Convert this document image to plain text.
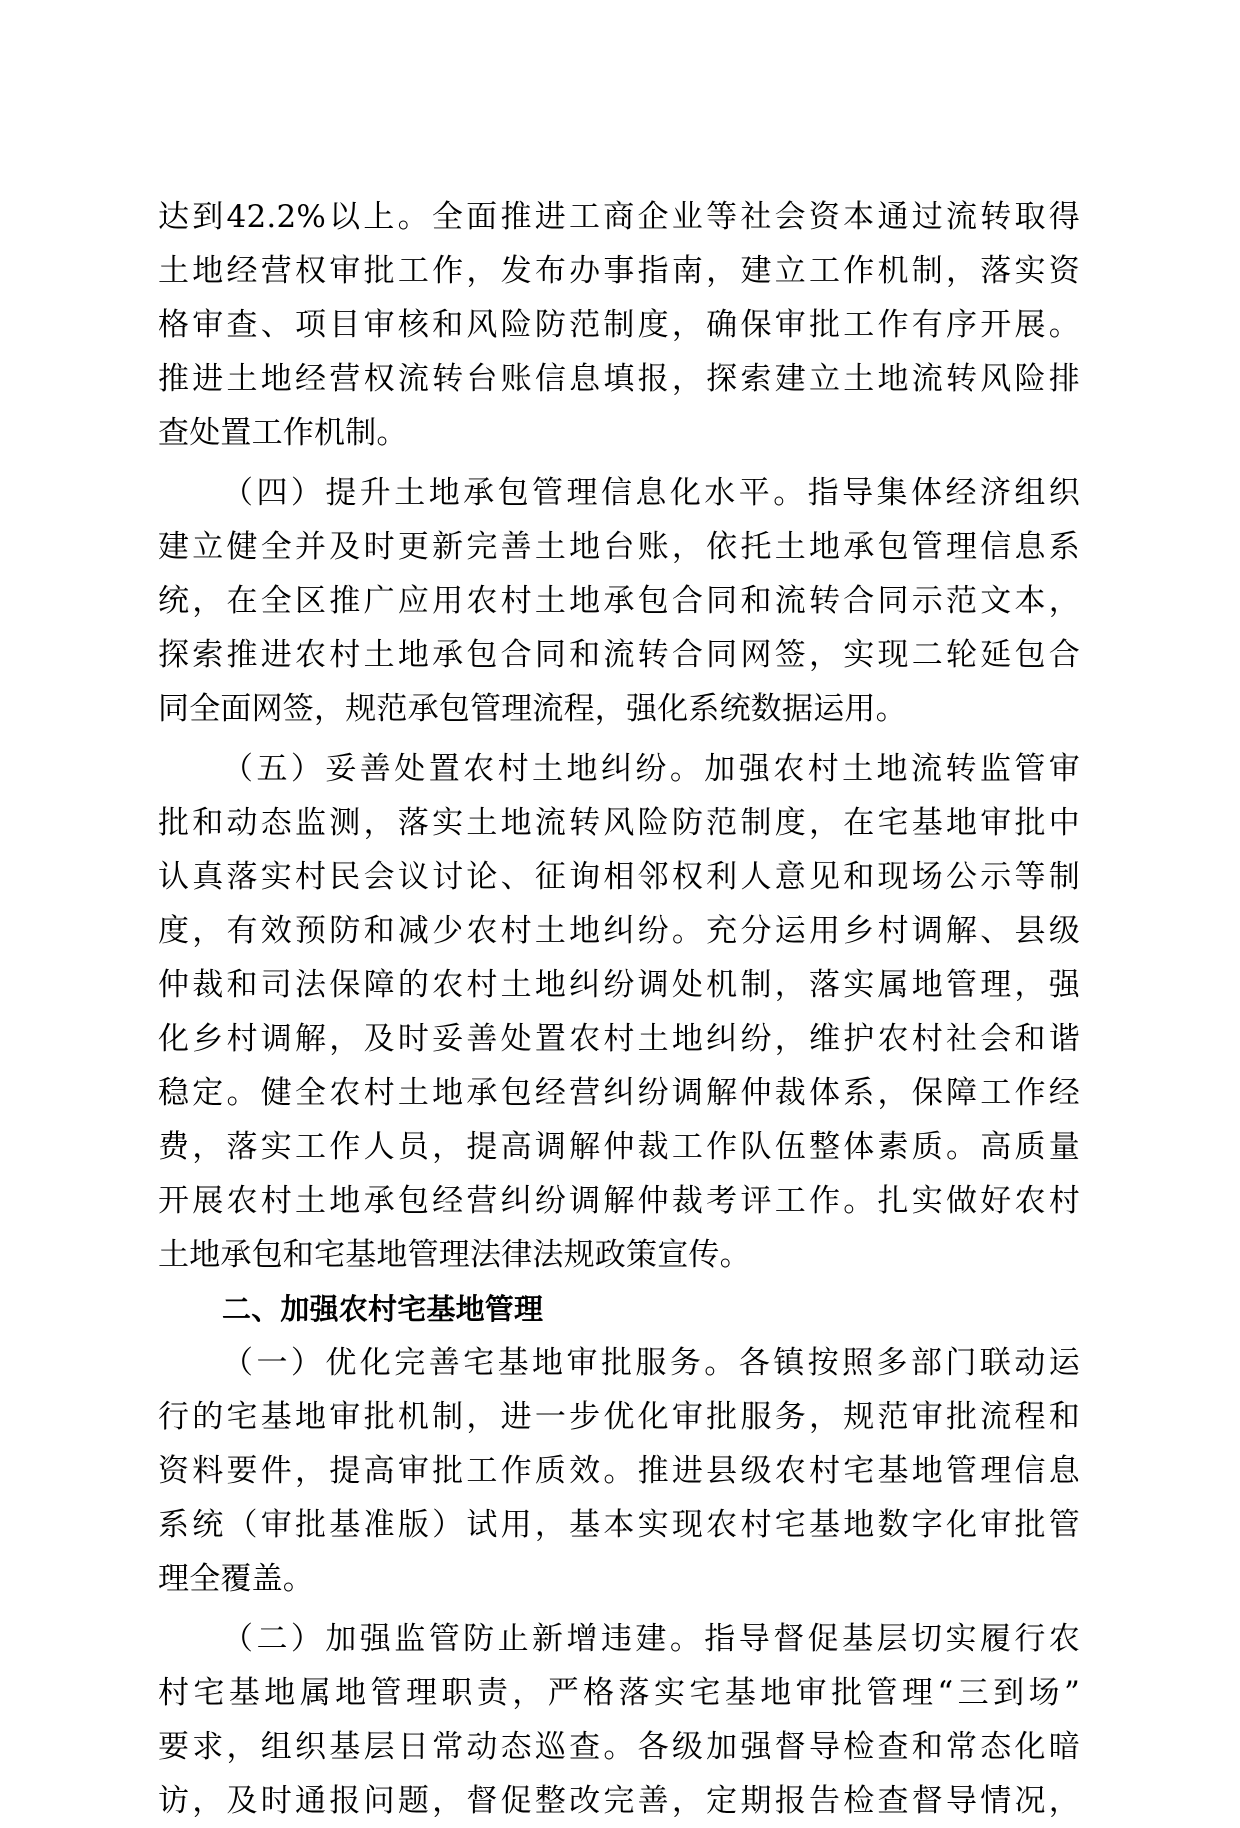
达到42.2%以上。全面推进工商企业等社会资本通过流转取得
土地经营权审批工作，发布办事指南，建立工作机制，落实资
格审查、项目审核和风险防范制度，确保审批工作有序开展。
推进土地经营权流转台账信息填报，探索建立土地流转风险排
查处置工作机制。
（四）提升土地承包管理信息化水平。指导集体经济组织
建立健全并及时更新完善土地台账，依托土地承包管理信息系
统，在全区推广应用农村土地承包合同和流转合同示范文本，
探索推进农村土地承包合同和流转合同网签，实现二轮延包合
同全面网签，规范承包管理流程，强化系统数据运用。
（五）妥善处置农村土地纠纷。加强农村土地流转监管审
批和动态监测，落实土地流转风险防范制度，在宅基地审批中
认真落实村民会议讨论、征询相邻权利人意见和现场公示等制
度，有效预防和减少农村土地纠纷。充分运用乡村调解、县级
仲裁和司法保障的农村土地纠纷调处机制，落实属地管理，强
化乡村调解，及时妥善处置农村土地纠纷，维护农村社会和谐
稳定。健全农村土地承包经营纠纷调解仲裁体系，保障工作经
费，落实工作人员，提高调解仲裁工作队伍整体素质。高质量
开展农村土地承包经营纠纷调解仲裁考评工作。扎实做好农村
土地承包和宅基地管理法律法规政策宣传。
二、加强农村宅基地管理
（一）优化完善宅基地审批服务。各镇按照多部门联动运
行的宅基地审批机制，进一步优化审批服务，规范审批流程和
资料要件，提高审批工作质效。推进县级农村宅基地管理信息
系统（审批基准版）试用，基本实现农村宅基地数字化审批管
理全覆盖。
（二）加强监管防止新增违建。指导督促基层切实履行农
村宅基地属地管理职责，严格落实宅基地审批管理“三到场”
要求，组织基层日常动态巡查。各级加强督导检查和常态化暗
访，及时通报问题，督促整改完善，定期报告检查督导情况，
